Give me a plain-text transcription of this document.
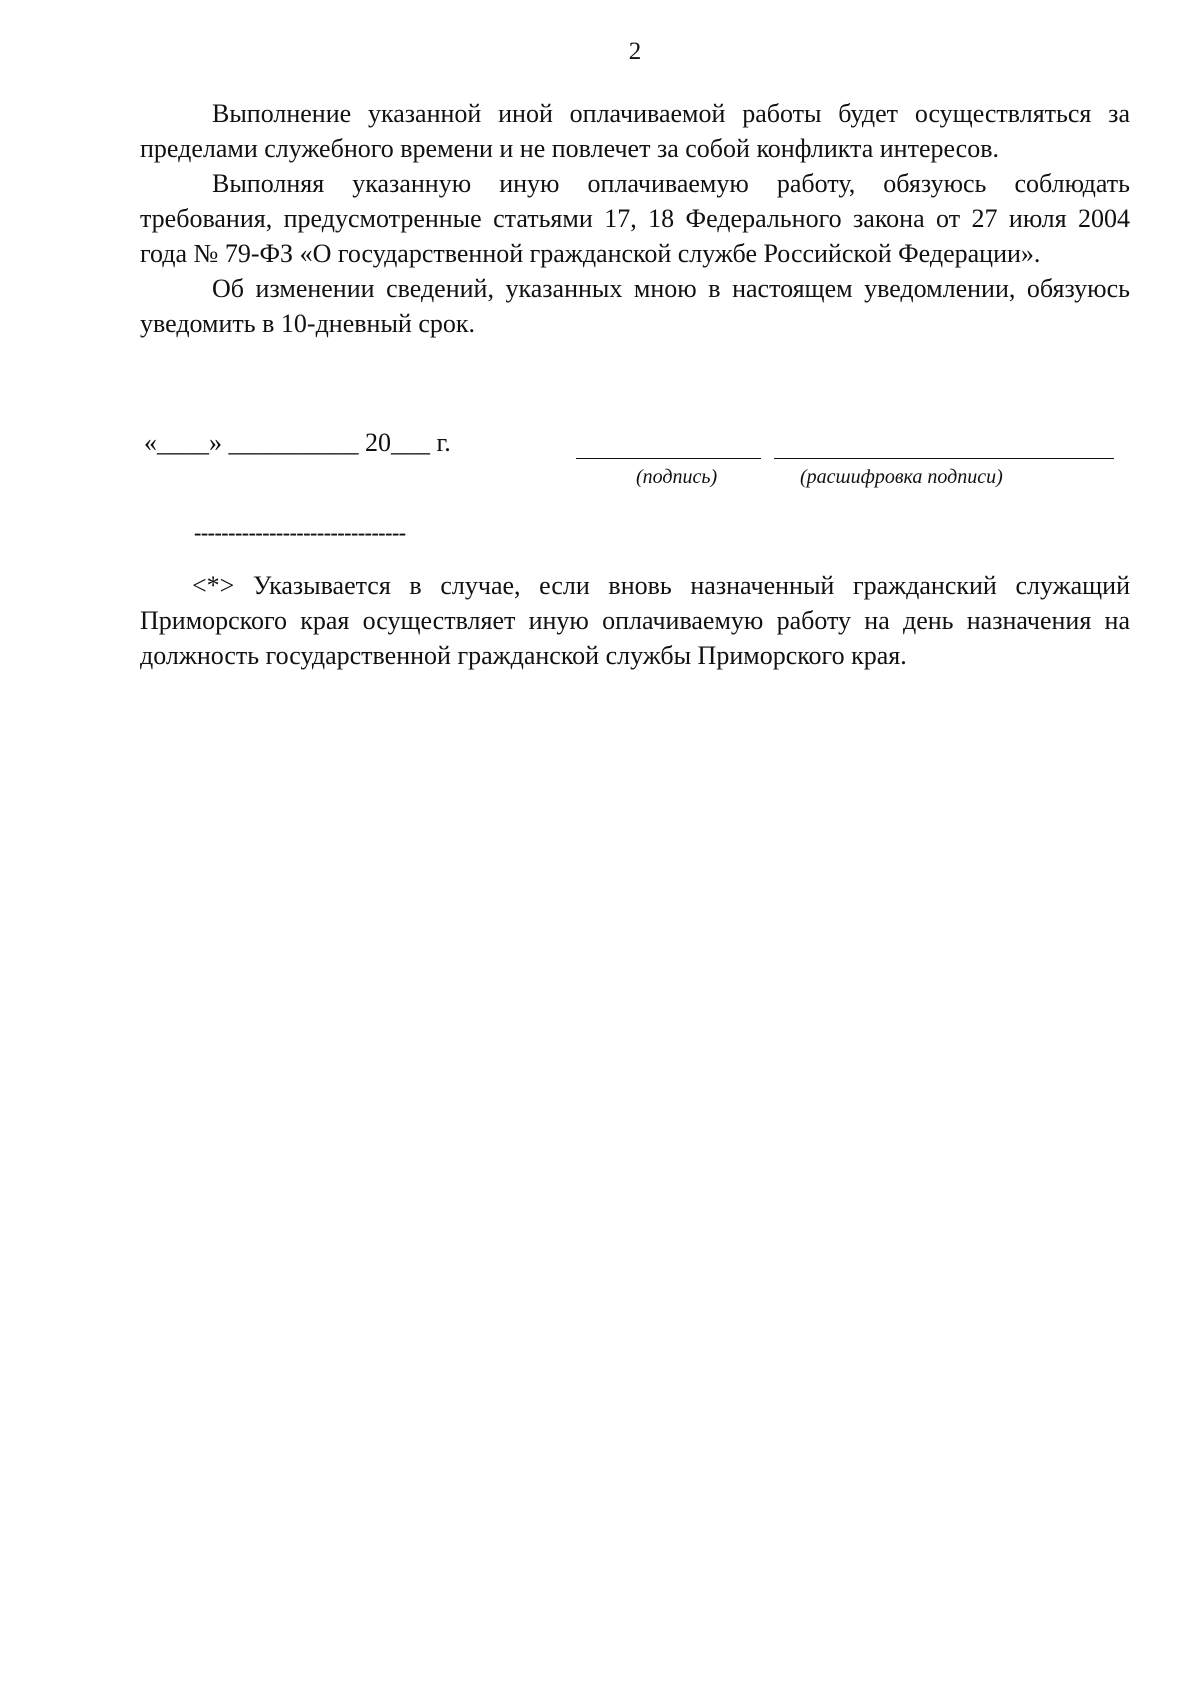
2

Выполнение указанной иной оплачиваемой работы будет осуществляться за пределами служебного времени и не повлечет за собой конфликта интересов.

Выполняя указанную иную оплачиваемую работу, обязуюсь соблюдать требования, предусмотренные статьями 17, 18 Федерального закона от 27 июля 2004 года № 79-ФЗ «О государственной гражданской службе Российской Федерации».

Об изменении сведений, указанных мною в настоящем уведомлении, обязуюсь уведомить в 10-дневный срок.

«____» __________ 20___ г.
(подпись)	(расшифровка подписи)
-------------------------------

<*> Указывается в случае, если вновь назначенный гражданский служащий Приморского края осуществляет иную оплачиваемую работу на день назначения на должность государственной гражданской службы Приморского края.
